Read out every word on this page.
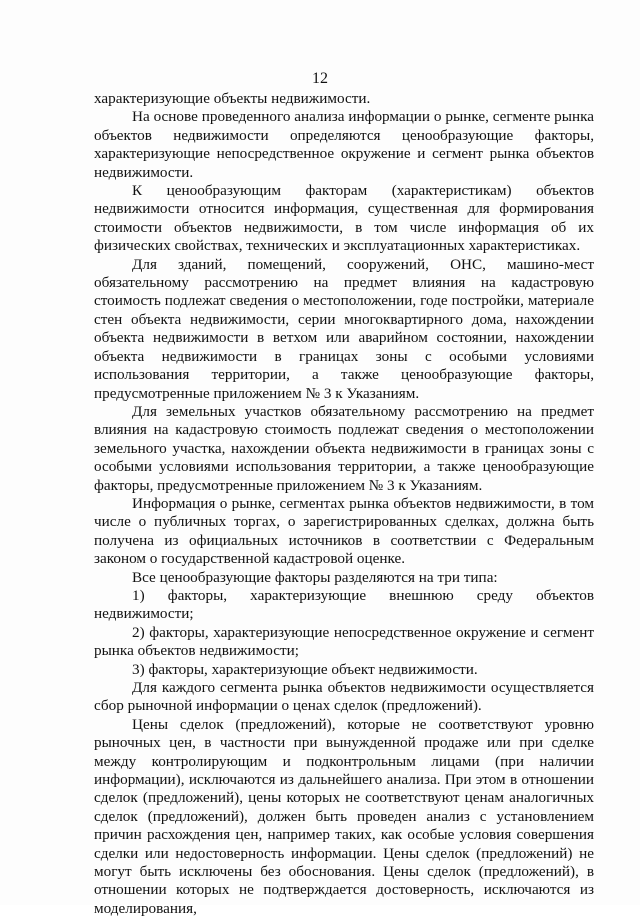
12

характеризующие объекты недвижимости.

На основе проведенного анализа информации о рынке, сегменте рынка объектов недвижимости определяются ценообразующие факторы, характеризующие непосредственное окружение и сегмент рынка объектов недвижимости.

К ценообразующим факторам (характеристикам) объектов недвижимости относится информация, существенная для формирования стоимости объектов недвижимости, в том числе информация об их физических свойствах, технических и эксплуатационных характеристиках.

Для зданий, помещений, сооружений, ОНС, машино-мест обязательному рассмотрению на предмет влияния на кадастровую стоимость подлежат сведения о местоположении, годе постройки, материале стен объекта недвижимости, серии многоквартирного дома, нахождении объекта недвижимости в ветхом или аварийном состоянии, нахождении объекта недвижимости в границах зоны с особыми условиями использования территории, а также ценообразующие факторы, предусмотренные приложением № 3 к Указаниям.

Для земельных участков обязательному рассмотрению на предмет влияния на кадастровую стоимость подлежат сведения о местоположении земельного участка, нахождении объекта недвижимости в границах зоны с особыми условиями использования территории, а также ценообразующие факторы, предусмотренные приложением № 3 к Указаниям.

Информация о рынке, сегментах рынка объектов недвижимости, в том числе о публичных торгах, о зарегистрированных сделках, должна быть получена из официальных источников в соответствии с Федеральным законом о государственной кадастровой оценке.

Все ценообразующие факторы разделяются на три типа:

1) факторы, характеризующие внешнюю среду объектов недвижимости;

2) факторы, характеризующие непосредственное окружение и сегмент рынка объектов недвижимости;

3) факторы, характеризующие объект недвижимости.

Для каждого сегмента рынка объектов недвижимости осуществляется сбор рыночной информации о ценах сделок (предложений).

Цены сделок (предложений), которые не соответствуют уровню рыночных цен, в частности при вынужденной продаже или при сделке между контролирующим и подконтрольным лицами (при наличии информации), исключаются из дальнейшего анализа. При этом в отношении сделок (предложений), цены которых не соответствуют ценам аналогичных сделок (предложений), должен быть проведен анализ с установлением причин расхождения цен, например таких, как особые условия совершения сделки или недостоверность информации. Цены сделок (предложений) не могут быть исключены без обоснования. Цены сделок (предложений), в отношении которых не подтверждается достоверность, исключаются из моделирования,
